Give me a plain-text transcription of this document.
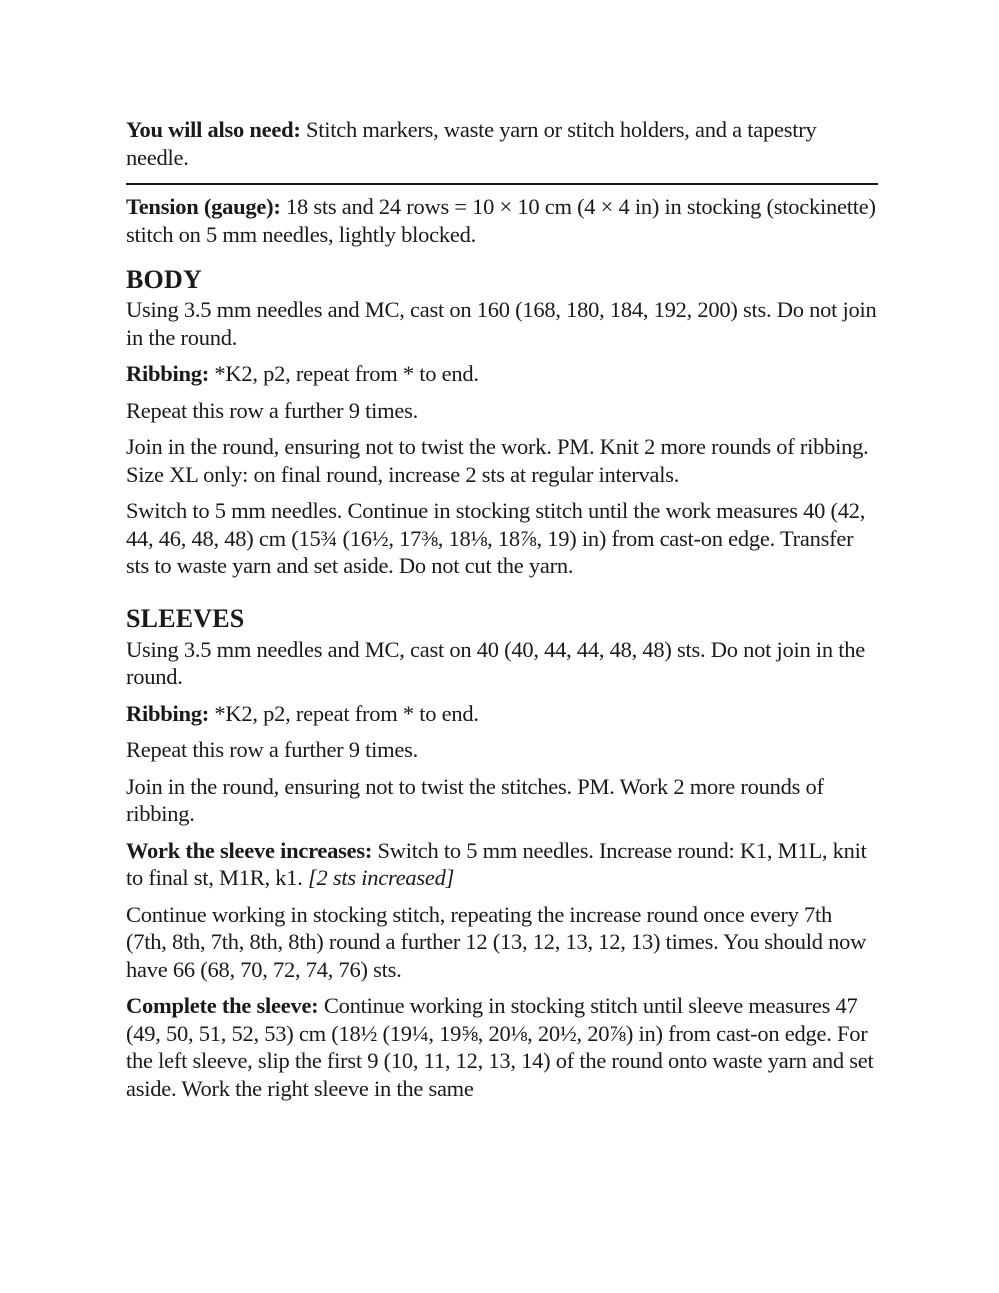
You will also need: Stitch markers, waste yarn or stitch holders, and a tapestry needle.

Tension (gauge): 18 sts and 24 rows = 10 × 10 cm (4 × 4 in) in stocking (stockinette) stitch on 5 mm needles, lightly blocked.

BODY

Using 3.5 mm needles and MC, cast on 160 (168, 180, 184, 192, 200) sts. Do not join in the round.

Ribbing: *K2, p2, repeat from * to end.

Repeat this row a further 9 times.

Join in the round, ensuring not to twist the work. PM. Knit 2 more rounds of ribbing. Size XL only: on final round, increase 2 sts at regular intervals.

Switch to 5 mm needles. Continue in stocking stitch until the work measures 40 (42, 44, 46, 48, 48) cm (15¾ (16½, 17⅜, 18⅛, 18⅞, 19) in) from cast-on edge. Transfer sts to waste yarn and set aside. Do not cut the yarn.

SLEEVES

Using 3.5 mm needles and MC, cast on 40 (40, 44, 44, 48, 48) sts. Do not join in the round.

Ribbing: *K2, p2, repeat from * to end.

Repeat this row a further 9 times.

Join in the round, ensuring not to twist the stitches. PM. Work 2 more rounds of ribbing.

Work the sleeve increases: Switch to 5 mm needles. Increase round: K1, M1L, knit to final st, M1R, k1. [2 sts increased]

Continue working in stocking stitch, repeating the increase round once every 7th (7th, 8th, 7th, 8th, 8th) round a further 12 (13, 12, 13, 12, 13) times. You should now have 66 (68, 70, 72, 74, 76) sts.

Complete the sleeve: Continue working in stocking stitch until sleeve measures 47 (49, 50, 51, 52, 53) cm (18½ (19¼, 19⅝, 20⅛, 20½, 20⅞) in) from cast-on edge. For the left sleeve, slip the first 9 (10, 11, 12, 13, 14) of the round onto waste yarn and set aside. Work the right sleeve in the same
